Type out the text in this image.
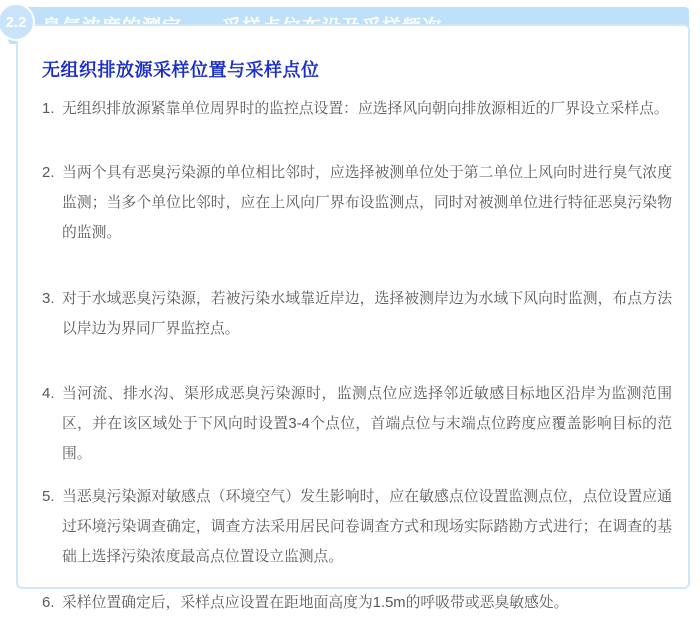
2.2
无组织排放源采样位置与采样点位
1. 无组织排放源紧靠单位周界时的监控点设置：应选择风向朝向排放源相近的厂界设立采样点。
2. 当两个具有恶臭污染源的单位相比邻时，应选择被测单位处于第二单位上风向时进行臭气浓度监测；当多个单位比邻时，应在上风向厂界布设监测点，同时对被测单位进行特征恶臭污染物的监测。
3. 对于水域恶臭污染源，若被污染水域靠近岸边，选择被测岸边为水域下风向时监测，布点方法以岸边为界同厂界监控点。
4. 当河流、排水沟、渠形成恶臭污染源时，监测点位应选择邻近敏感目标地区沿岸为监测范围区，并在该区域处于下风向时设置3-4个点位，首端点位与末端点位跨度应覆盖影响目标的范围。
5. 当恶臭污染源对敏感点（环境空气）发生影响时，应在敏感点位设置监测点位，点位设置应通过环境污染调查确定，调查方法采用居民问卷调查方式和现场实际踏勘方式进行；在调查的基础上选择污染浓度最高点位置设立监测点。
6. 采样位置确定后，采样点应设置在距地面高度为1.5m的呼吸带或恶臭敏感处。
